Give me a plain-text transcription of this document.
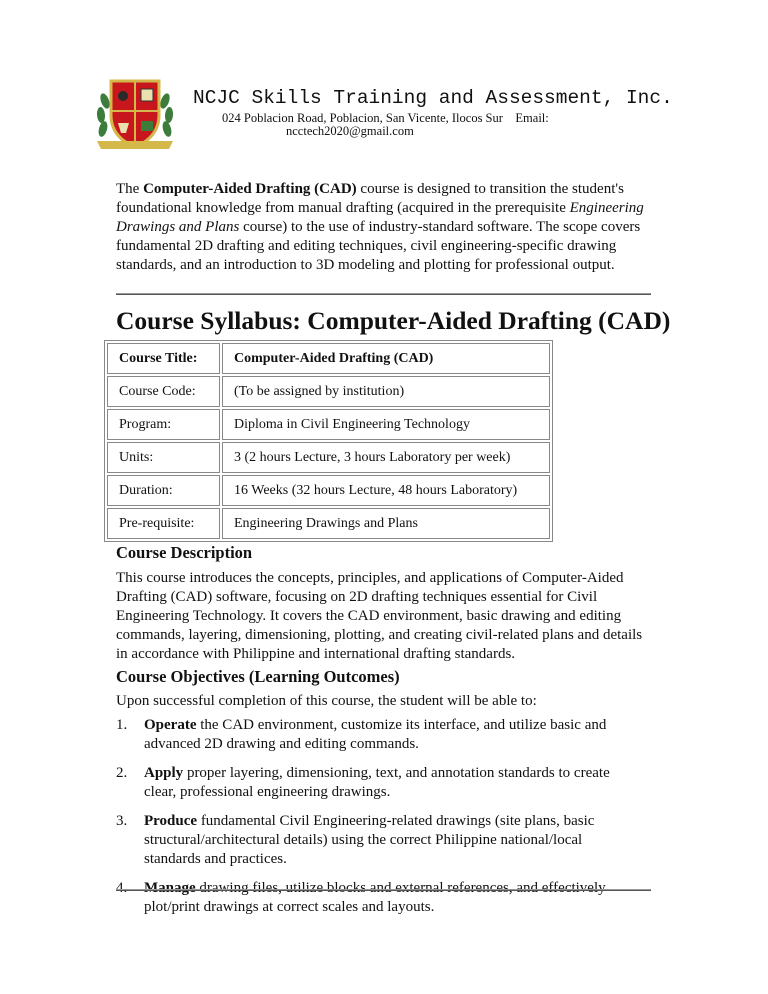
NCJC Skills Training and Assessment, Inc.
024 Poblacion Road, Poblacion, San Vicente, Ilocos Sur    Email:
ncctech2020@gmail.com

The Computer-Aided Drafting (CAD) course is designed to transition the student's foundational knowledge from manual drafting (acquired in the prerequisite Engineering Drawings and Plans course) to the use of industry-standard software. The scope covers fundamental 2D drafting and editing techniques, civil engineering-specific drawing standards, and an introduction to 3D modeling and plotting for professional output.

Course Syllabus: Computer-Aided Drafting (CAD)
Course Title:	Computer-Aided Drafting (CAD)
Course Code:	(To be assigned by institution)
Program:	Diploma in Civil Engineering Technology
Units:	3 (2 hours Lecture, 3 hours Laboratory per week)
Duration:	16 Weeks (32 hours Lecture, 48 hours Laboratory)
Pre-requisite:	Engineering Drawings and Plans
Course Description

This course introduces the concepts, principles, and applications of Computer-Aided Drafting (CAD) software, focusing on 2D drafting techniques essential for Civil Engineering Technology. It covers the CAD environment, basic drawing and editing commands, layering, dimensioning, plotting, and creating civil-related plans and details in accordance with Philippine and international drafting standards.

Course Objectives (Learning Outcomes)

Upon successful completion of this course, the student will be able to:

1. Operate the CAD environment, customize its interface, and utilize basic and advanced 2D drawing and editing commands.
2. Apply proper layering, dimensioning, text, and annotation standards to create clear, professional engineering drawings.
3. Produce fundamental Civil Engineering-related drawings (site plans, basic structural/architectural details) using the correct Philippine national/local standards and practices.
4. Manage drawing files, utilize blocks and external references, and effectively plot/print drawings at correct scales and layouts.
